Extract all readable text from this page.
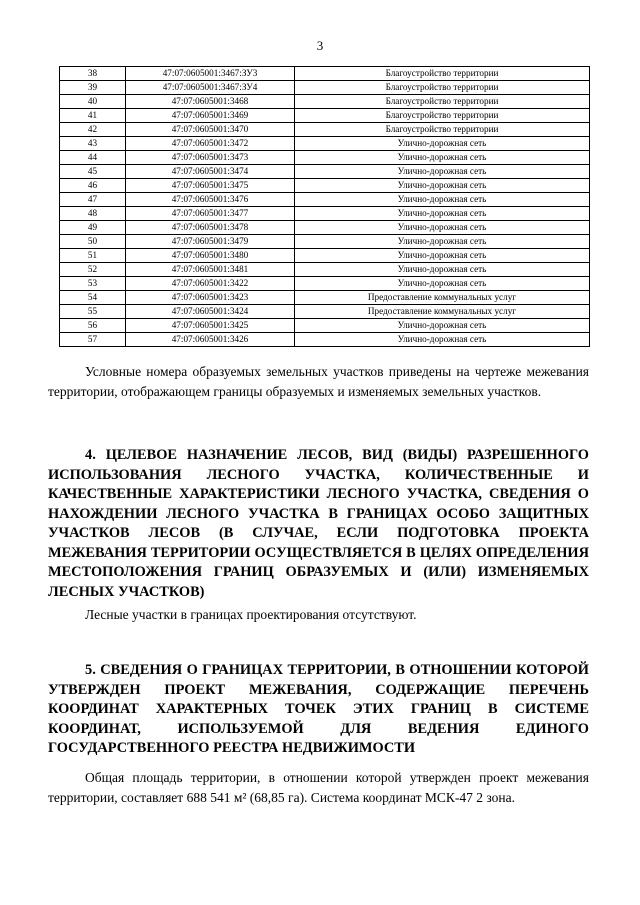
3
38	47:07:0605001:3467:ЗУ3	Благоустройство территории
39	47:07:0605001:3467:ЗУ4	Благоустройство территории
40	47:07:0605001:3468	Благоустройство территории
41	47:07:0605001:3469	Благоустройство территории
42	47:07:0605001:3470	Благоустройство территории
43	47:07:0605001:3472	Улично-дорожная сеть
44	47:07:0605001:3473	Улично-дорожная сеть
45	47:07:0605001:3474	Улично-дорожная сеть
46	47:07:0605001:3475	Улично-дорожная сеть
47	47:07:0605001:3476	Улично-дорожная сеть
48	47:07:0605001:3477	Улично-дорожная сеть
49	47:07:0605001:3478	Улично-дорожная сеть
50	47:07:0605001:3479	Улично-дорожная сеть
51	47:07:0605001:3480	Улично-дорожная сеть
52	47:07:0605001:3481	Улично-дорожная сеть
53	47:07:0605001:3422	Улично-дорожная сеть
54	47:07:0605001:3423	Предоставление коммунальных услуг
55	47:07:0605001:3424	Предоставление коммунальных услуг
56	47:07:0605001:3425	Улично-дорожная сеть
57	47:07:0605001:3426	Улично-дорожная сеть

Условные номера образуемых земельных участков приведены на чертеже межевания территории, отображающем границы образуемых и изменяемых земельных участков.

4. ЦЕЛЕВОЕ НАЗНАЧЕНИЕ ЛЕСОВ, ВИД (ВИДЫ) РАЗРЕШЕННОГО ИСПОЛЬЗОВАНИЯ ЛЕСНОГО УЧАСТКА, КОЛИЧЕСТВЕННЫЕ И КАЧЕСТВЕННЫЕ ХАРАКТЕРИСТИКИ ЛЕСНОГО УЧАСТКА, СВЕДЕНИЯ О НАХОЖДЕНИИ ЛЕСНОГО УЧАСТКА В ГРАНИЦАХ ОСОБО ЗАЩИТНЫХ УЧАСТКОВ ЛЕСОВ (В СЛУЧАЕ, ЕСЛИ ПОДГОТОВКА ПРОЕКТА МЕЖЕВАНИЯ ТЕРРИТОРИИ ОСУЩЕСТВЛЯЕТСЯ В ЦЕЛЯХ ОПРЕДЕЛЕНИЯ МЕСТОПОЛОЖЕНИЯ ГРАНИЦ ОБРАЗУЕМЫХ И (ИЛИ) ИЗМЕНЯЕМЫХ ЛЕСНЫХ УЧАСТКОВ)

Лесные участки в границах проектирования отсутствуют.

5. СВЕДЕНИЯ О ГРАНИЦАХ ТЕРРИТОРИИ, В ОТНОШЕНИИ КОТОРОЙ УТВЕРЖДЕН ПРОЕКТ МЕЖЕВАНИЯ, СОДЕРЖАЩИЕ ПЕРЕЧЕНЬ КООРДИНАТ ХАРАКТЕРНЫХ ТОЧЕК ЭТИХ ГРАНИЦ В СИСТЕМЕ КООРДИНАТ, ИСПОЛЬЗУЕМОЙ ДЛЯ ВЕДЕНИЯ ЕДИНОГО ГОСУДАРСТВЕННОГО РЕЕСТРА НЕДВИЖИМОСТИ

Общая площадь территории, в отношении которой утвержден проект межевания территории, составляет 688 541 м² (68,85 га). Система координат МСК-47 2 зона.
